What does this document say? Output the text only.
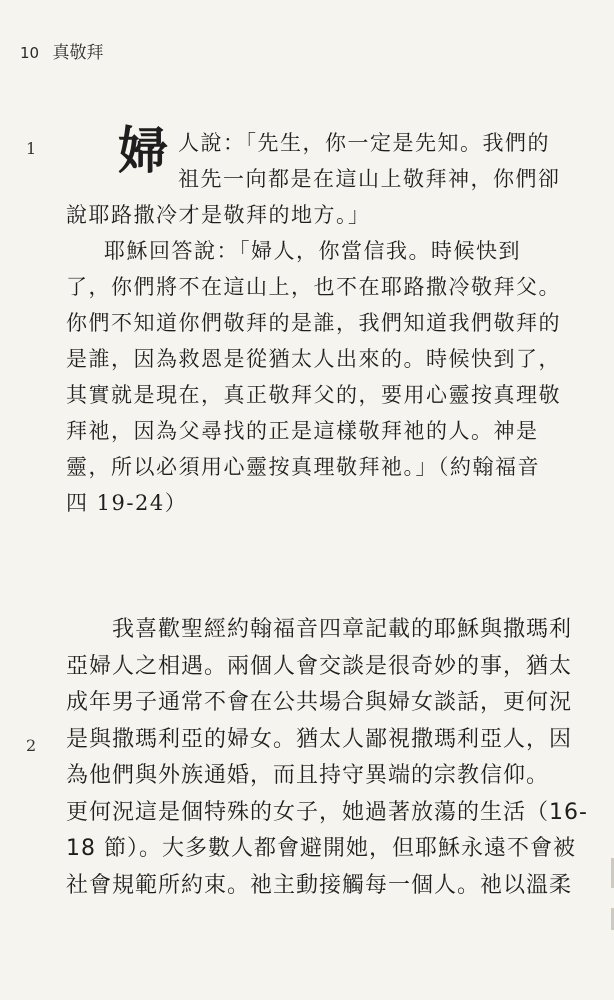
10 真敬拜
1
2
婦 人說：「先生，你一定是先知。我們的
祖先一向都是在這山上敬拜神，你們卻
說耶路撒冷才是敬拜的地方。」
耶穌回答說：「婦人，你當信我。時候快到
了，你們將不在這山上，也不在耶路撒冷敬拜父。
你們不知道你們敬拜的是誰，我們知道我們敬拜的
是誰，因為救恩是從猶太人出來的。時候快到了，
其實就是現在，真正敬拜父的，要用心靈按真理敬
拜祂，因為父尋找的正是這樣敬拜祂的人。神是
靈，所以必須用心靈按真理敬拜祂。」（約翰福音
四 19-24）
我喜歡聖經約翰福音四章記載的耶穌與撒瑪利
亞婦人之相遇。兩個人會交談是很奇妙的事，猶太
成年男子通常不會在公共場合與婦女談話，更何況
是與撒瑪利亞的婦女。猶太人鄙視撒瑪利亞人，因
為他們與外族通婚，而且持守異端的宗教信仰。
更何況這是個特殊的女子，她過著放蕩的生活（16-
18 節）。大多數人都會避開她，但耶穌永遠不會被
社會規範所約束。祂主動接觸每一個人。祂以溫柔
